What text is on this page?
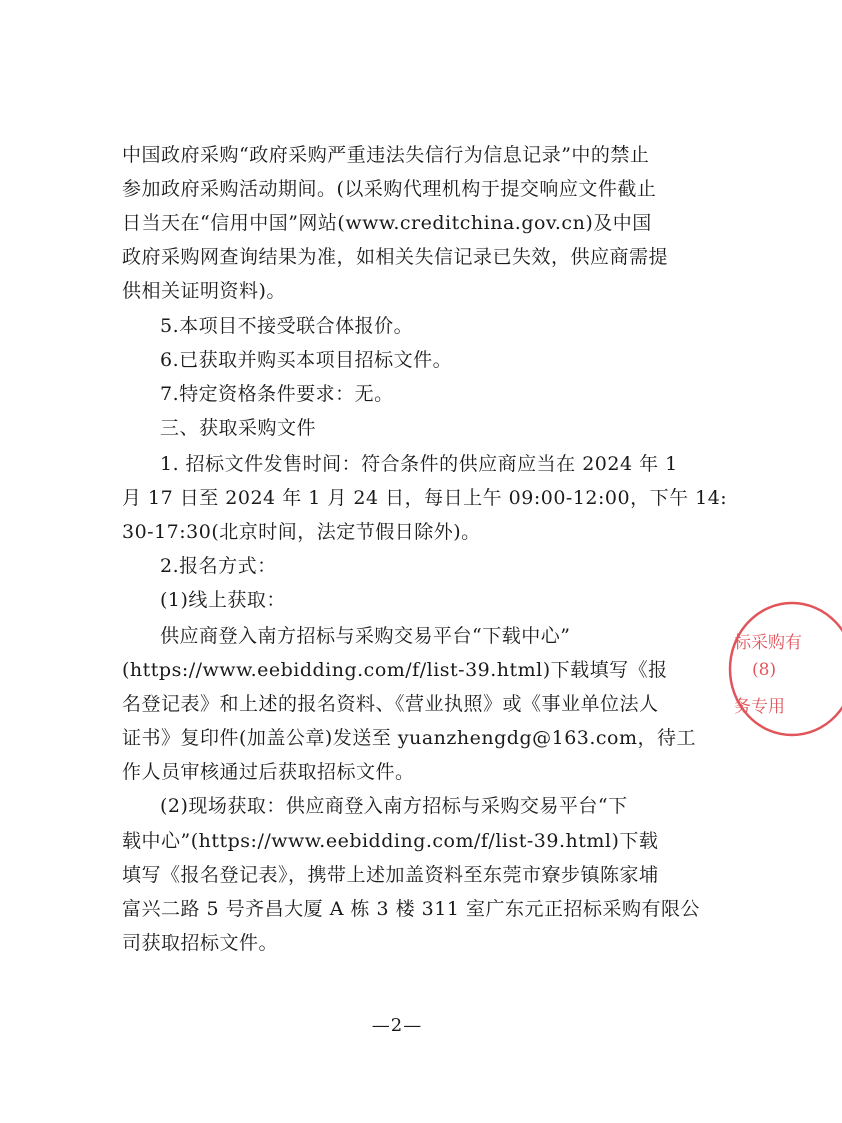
中国政府采购“政府采购严重违法失信行为信息记录”中的禁止
参加政府采购活动期间。(以采购代理机构于提交响应文件截止
日当天在“信用中国”网站(www.creditchina.gov.cn)及中国
政府采购网查询结果为准，如相关失信记录已失效，供应商需提
供相关证明资料)。
5.本项目不接受联合体报价。
6.已获取并购买本项目招标文件。
7.特定资格条件要求：无。
三、获取采购文件
1. 招标文件发售时间：符合条件的供应商应当在 2024 年 1
月 17 日至 2024 年 1 月 24 日，每日上午 09:00-12:00，下午 14:
30-17:30(北京时间，法定节假日除外)。
2.报名方式：
(1)线上获取：
供应商登入南方招标与采购交易平台“下载中心”
(https://www.eebidding.com/f/list-39.html)下载填写《报
名登记表》和上述的报名资料、《营业执照》或《事业单位法人
证书》复印件(加盖公章)发送至 yuanzhengdg@163.com，待工
作人员审核通过后获取招标文件。
(2)现场获取：供应商登入南方招标与采购交易平台“下
载中心”(https://www.eebidding.com/f/list-39.html)下载
填写《报名登记表》，携带上述加盖资料至东莞市寮步镇陈家埔
富兴二路 5 号齐昌大厦 A 栋 3 楼 311 室广东元正招标采购有限公
司获取招标文件。
—2—
标采购有
(8)
务专用
